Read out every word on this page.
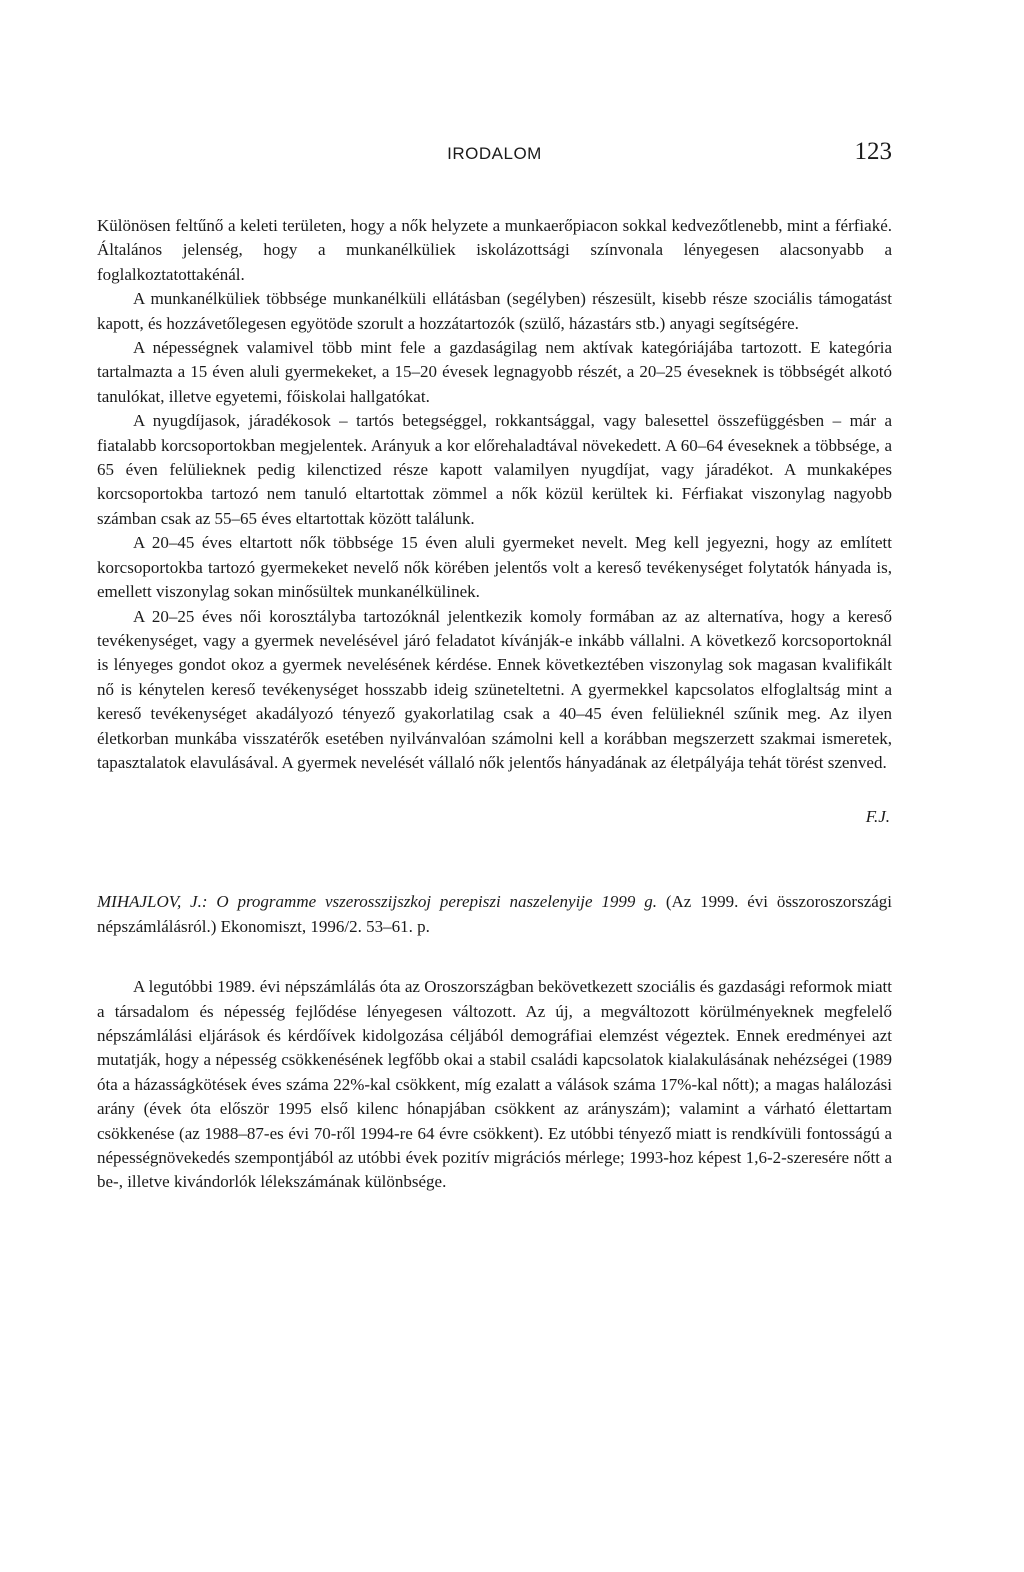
IRODALOM	123

Különösen feltűnő a keleti területen, hogy a nők helyzete a munkaerőpiacon sokkal kedvezőtlenebb, mint a férfiaké. Általános jelenség, hogy a munkanélküliek iskolázottsági színvonala lényegesen alacsonyabb a foglalkoztatottakénál.

A munkanélküliek többsége munkanélküli ellátásban (segélyben) részesült, kisebb része szociális támogatást kapott, és hozzávetőlegesen egyötöde szorult a hozzátartozók (szülő, házastárs stb.) anyagi segítségére.

A népességnek valamivel több mint fele a gazdaságilag nem aktívak kategóriájába tartozott. E kategória tartalmazta a 15 éven aluli gyermekeket, a 15–20 évesek legnagyobb részét, a 20–25 éveseknek is többségét alkotó tanulókat, illetve egyetemi, főiskolai hallgatókat.

A nyugdíjasok, járadékosok – tartós betegséggel, rokkantsággal, vagy balesettel összefüggésben – már a fiatalabb korcsoportokban megjelentek. Arányuk a kor előrehaladtával növekedett. A 60–64 éveseknek a többsége, a 65 éven felülieknek pedig kilenctized része kapott valamilyen nyugdíjat, vagy járadékot. A munkaképes korcsoportokba tartozó nem tanuló eltartottak zömmel a nők közül kerültek ki. Férfiakat viszonylag nagyobb számban csak az 55–65 éves eltartottak között találunk.

A 20–45 éves eltartott nők többsége 15 éven aluli gyermeket nevelt. Meg kell jegyezni, hogy az említett korcsoportokba tartozó gyermekeket nevelő nők körében jelentős volt a kereső tevékenységet folytatók hányada is, emellett viszonylag sokan minősültek munkanélkülinek.

A 20–25 éves női korosztályba tartozóknál jelentkezik komoly formában az az alternatíva, hogy a kereső tevékenységet, vagy a gyermek nevelésével járó feladatot kívánják-e inkább vállalni. A következő korcsoportoknál is lényeges gondot okoz a gyermek nevelésének kérdése. Ennek következtében viszonylag sok magasan kvalifikált nő is kénytelen kereső tevékenységet hosszabb ideig szüneteltetni. A gyermekkel kapcsolatos elfoglaltság mint a kereső tevékenységet akadályozó tényező gyakorlatilag csak a 40–45 éven felülieknél szűnik meg. Az ilyen életkorban munkába visszatérők esetében nyilvánvalóan számolni kell a korábban megszerzett szakmai ismeretek, tapasztalatok elavulásával. A gyermek nevelését vállaló nők jelentős hányadának az életpályája tehát törést szenved.

F.J.

MIHAJLOV, J.: O programme vszerosszijszkoj perepiszi naszelenyije 1999 g. (Az 1999. évi összoroszországi népszámlálásról.) Ekonomiszt, 1996/2. 53–61. p.

A legutóbbi 1989. évi népszámlálás óta az Oroszországban bekövetkezett szociális és gazdasági reformok miatt a társadalom és népesség fejlődése lényegesen változott. Az új, a megváltozott körülményeknek megfelelő népszámlálási eljárások és kérdőívek kidolgozása céljából demográfiai elemzést végeztek. Ennek eredményei azt mutatják, hogy a népesség csökkenésének legfőbb okai a stabil családi kapcsolatok kialakulásának nehézségei (1989 óta a házasságkötések éves száma 22%-kal csökkent, míg ezalatt a válások száma 17%-kal nőtt); a magas halálozási arány (évek óta először 1995 első kilenc hónapjában csökkent az arányszám); valamint a várható élettartam csökkenése (az 1988–87-es évi 70-ről 1994-re 64 évre csökkent). Ez utóbbi tényező miatt is rendkívüli fontosságú a népességnövekedés szempontjából az utóbbi évek pozitív migrációs mérlege; 1993-hoz képest 1,6-2-szeresére nőtt a be-, illetve kivándorlók lélekszámának különbsége.
